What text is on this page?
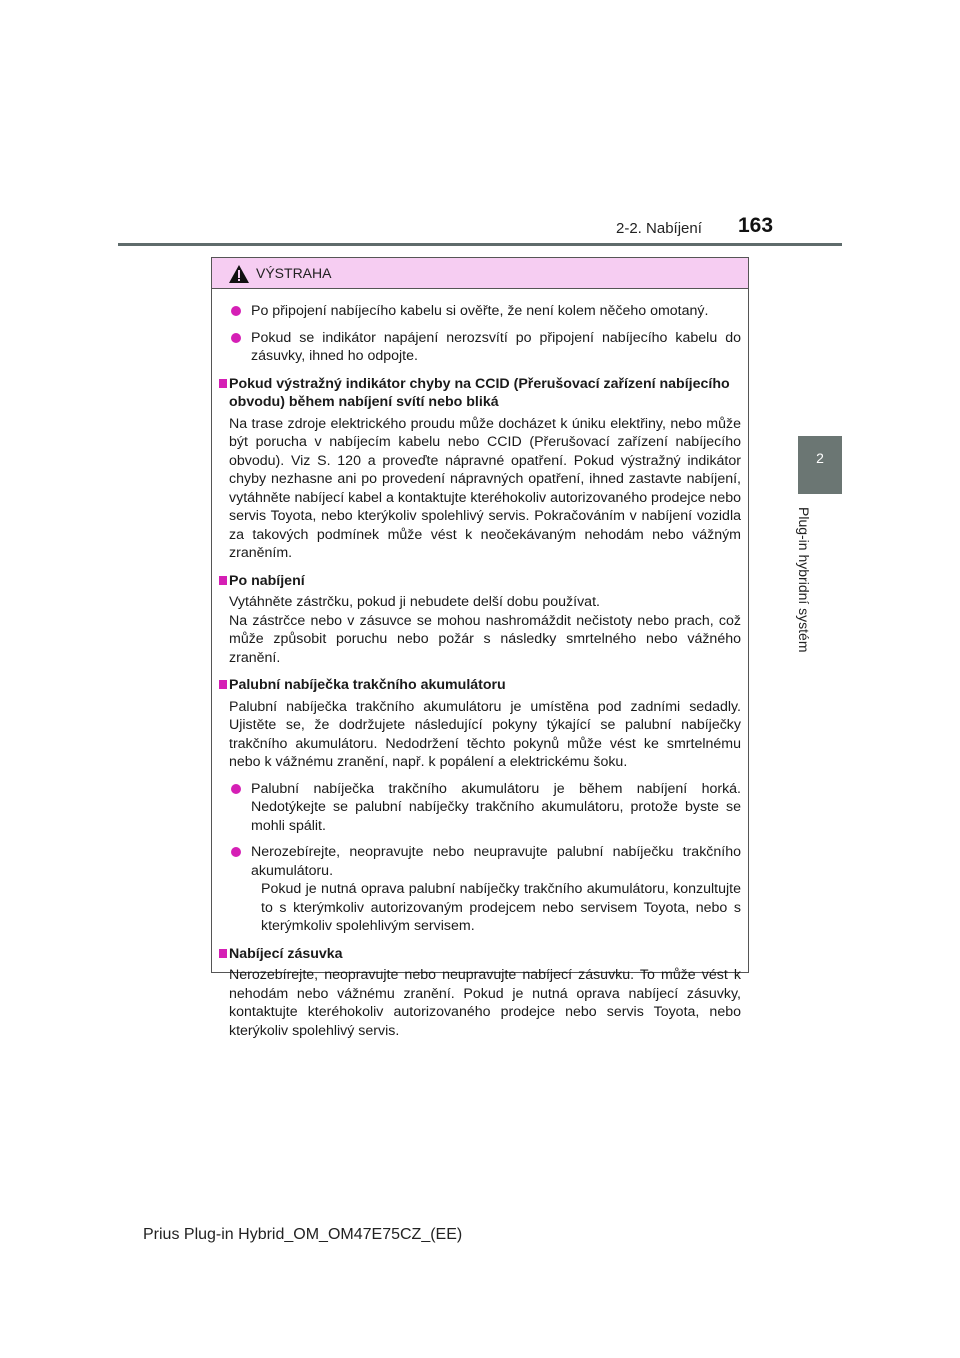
2-2. Nabíjení 163
2
Plug-in hybridní systém
VÝSTRAHA
Po připojení nabíjecího kabelu si ověřte, že není kolem něčeho omotaný.
Pokud se indikátor napájení nerozsvítí po připojení nabíjecího kabelu do zásuvky, ihned ho odpojte.
Pokud výstražný indikátor chyby na CCID (Přerušovací zařízení nabíjecího obvodu) během nabíjení svítí nebo bliká
Na trase zdroje elektrického proudu může docházet k úniku elektřiny, nebo může být porucha v nabíjecím kabelu nebo CCID (Přerušovací zařízení nabíjecího obvodu). Viz S. 120 a proveďte nápravné opatření. Pokud výstražný indikátor chyby nezhasne ani po provedení nápravných opatření, ihned zastavte nabíjení, vytáhněte nabíjecí kabel a kontaktujte kteréhokoliv autorizovaného prodejce nebo servis Toyota, nebo kterýkoliv spolehlivý servis. Pokračováním v nabíjení vozidla za takových podmínek může vést k neočekávaným nehodám nebo vážným zraněním.
Po nabíjení
Vytáhněte zástrčku, pokud ji nebudete delší dobu používat.
Na zástrčce nebo v zásuvce se mohou nashromáždit nečistoty nebo prach, což může způsobit poruchu nebo požár s následky smrtelného nebo vážného zranění.
Palubní nabíječka trakčního akumulátoru
Palubní nabíječka trakčního akumulátoru je umístěna pod zadními sedadly. Ujistěte se, že dodržujete následující pokyny týkající se palubní nabíječky trakčního akumulátoru. Nedodržení těchto pokynů může vést ke smrtelnému nebo k vážnému zranění, např. k popálení a elektrickému šoku.
Palubní nabíječka trakčního akumulátoru je během nabíjení horká. Nedotýkejte se palubní nabíječky trakčního akumulátoru, protože byste se mohli spálit.
Nerozebírejte, neopravujte nebo neupravujte palubní nabíječku trakčního akumulátoru.
Pokud je nutná oprava palubní nabíječky trakčního akumulátoru, konzultujte to s kterýmkoliv autorizovaným prodejcem nebo servisem Toyota, nebo s kterýmkoliv spolehlivým servisem.
Nabíjecí zásuvka
Nerozebírejte, neopravujte nebo neupravujte nabíjecí zásuvku. To může vést k nehodám nebo vážnému zranění. Pokud je nutná oprava nabíjecí zásuvky, kontaktujte kteréhokoliv autorizovaného prodejce nebo servis Toyota, nebo kterýkoliv spolehlivý servis.
Prius Plug-in Hybrid_OM_OM47E75CZ_(EE)
